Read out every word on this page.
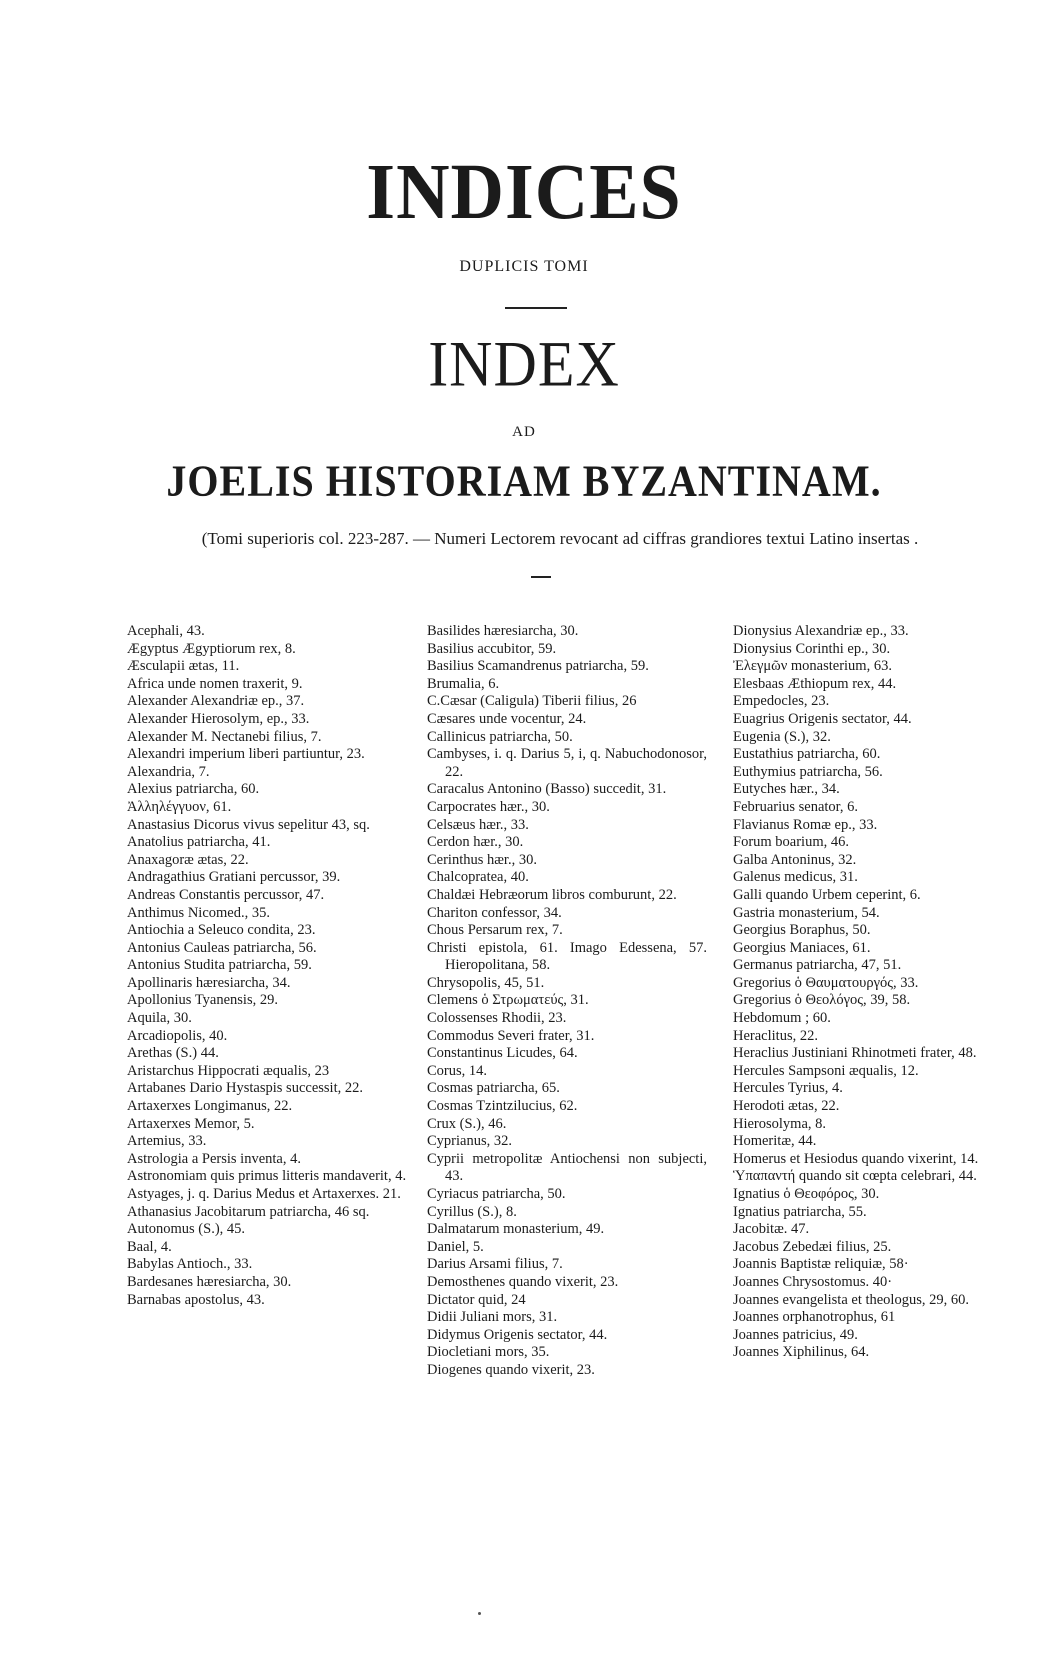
INDICES
DUPLICIS TOMI
INDEX
AD
JOELIS HISTORIAM BYZANTINAM.
(Tomi superioris col. 223-287. — Numeri Lectorem revocant ad ciffras grandiores textui Latino insertas .

Acephali, 43.

Ægyptus Ægyptiorum rex, 8.

Æsculapii ætas, 11.

Africa unde nomen traxerit, 9.

Alexander Alexandriæ ep., 37.

Alexander Hierosolym, ep., 33.

Alexander M. Nectanebi filius, 7.

Alexandri imperium liberi partiuntur, 23.

Alexandria, 7.

Alexius patriarcha, 60.

Ἀλληλέγγυον, 61.

Anastasius Dicorus vivus sepelitur 43, sq.

Anatolius patriarcha, 41.

Anaxagoræ ætas, 22.

Andragathius Gratiani percussor, 39.

Andreas Constantis percussor, 47.

Anthimus Nicomed., 35.

Antiochia a Seleuco condita, 23.

Antonius Cauleas patriarcha, 56.

Antonius Studita patriarcha, 59.

Apollinaris hæresiarcha, 34.

Apollonius Tyanensis, 29.

Aquila, 30.

Arcadiopolis, 40.

Arethas (S.) 44.

Aristarchus Hippocrati æqualis, 23

Artabanes Dario Hystaspis successit, 22.

Artaxerxes Longimanus, 22.

Artaxerxes Memor, 5.

Artemius, 33.

Astrologia a Persis inventa, 4.

Astronomiam quis primus litteris mandaverit, 4.

Astyages, j. q. Darius Medus et Artaxerxes. 21.

Athanasius Jacobitarum patriarcha, 46 sq.

Autonomus (S.), 45.

Baal, 4.

Babylas Antioch., 33.

Bardesanes hæresiarcha, 30.

Barnabas apostolus, 43.

Basilides hæresiarcha, 30.

Basilius accubitor, 59.

Basilius Scamandrenus patriarcha, 59.

Brumalia, 6.

C.Cæsar (Caligula) Tiberii filius, 26

Cæsares unde vocentur, 24.

Callinicus patriarcha, 50.

Cambyses, i. q. Darius 5, i, q. Nabuchodonosor, 22.

Caracalus Antonino (Basso) succedit, 31.

Carpocrates hær., 30.

Celsæus hær., 33.

Cerdon hær., 30.

Cerinthus hær., 30.

Chalcopratea, 40.

Chaldæi Hebræorum libros comburunt, 22.

Chariton confessor, 34.

Chous Persarum rex, 7.

Christi epistola, 61. Imago Edessena, 57. Hieropolitana, 58.

Chrysopolis, 45, 51.

Clemens ὁ Στρωματεύς, 31.

Colossenses Rhodii, 23.

Commodus Severi frater, 31.

Constantinus Licudes, 64.

Corus, 14.

Cosmas patriarcha, 65.

Cosmas Tzintzilucius, 62.

Crux (S.), 46.

Cyprianus, 32.

Cyprii metropolitæ Antiochensi non subjecti, 43.

Cyriacus patriarcha, 50.

Cyrillus (S.), 8.

Dalmatarum monasterium, 49.

Daniel, 5.

Darius Arsami filius, 7.

Demosthenes quando vixerit, 23.

Dictator quid, 24

Didii Juliani mors, 31.

Didymus Origenis sectator, 44.

Diocletiani mors, 35.

Diogenes quando vixerit, 23.

Dionysius Alexandriæ ep., 33.

Dionysius Corinthi ep., 30.

Ἐλεγμῶν monasterium, 63.

Elesbaas Æthiopum rex, 44.

Empedocles, 23.

Euagrius Origenis sectator, 44.

Eugenia (S.), 32.

Eustathius patriarcha, 60.

Euthymius patriarcha, 56.

Eutyches hær., 34.

Februarius senator, 6.

Flavianus Romæ ep., 33.

Forum boarium, 46.

Galba Antoninus, 32.

Galenus medicus, 31.

Galli quando Urbem ceperint, 6.

Gastria monasterium, 54.

Georgius Boraphus, 50.

Georgius Maniaces, 61.

Germanus patriarcha, 47, 51.

Gregorius ὁ Θαυματουργός, 33.

Gregorius ὁ Θεολόγος, 39, 58.

Hebdomum ; 60.

Heraclitus, 22.

Heraclius Justiniani Rhinotmeti frater, 48.

Hercules Sampsoni æqualis, 12.

Hercules Tyrius, 4.

Herodoti ætas, 22.

Hierosolyma, 8.

Homeritæ, 44.

Homerus et Hesiodus quando vixerint, 14.

Ὑπαπαντή quando sit cœpta celebrari, 44.

Ignatius ὁ Θεοφόρος, 30.

Ignatius patriarcha, 55.

Jacobitæ. 47.

Jacobus Zebedæi filius, 25.

Joannis Baptistæ reliquiæ, 58·

Joannes Chrysostomus. 40·

Joannes evangelista et theologus, 29, 60.

Joannes orphanotrophus, 61

Joannes patricius, 49.

Joannes Xiphilinus, 64.
